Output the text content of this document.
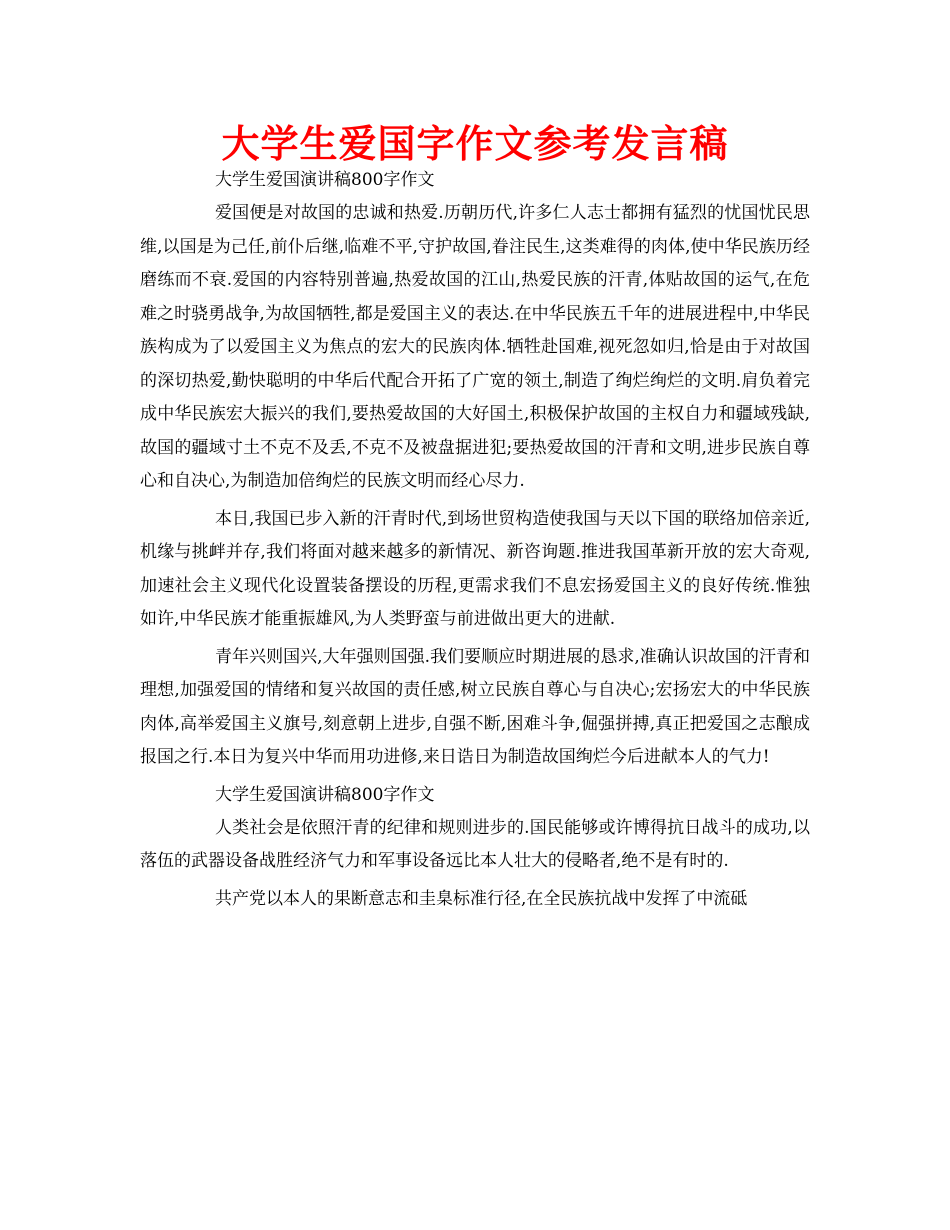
大学生爱国字作文参考发言稿
大学生爱国演讲稿800字作文

爱国便是对故国的忠诚和热爱.历朝历代,许多仁人志士都拥有猛烈的忧国忧民思维,以国是为己任,前仆后继,临难不平,守护故国,眷注民生,这类难得的肉体,使中华民族历经磨练而不衰.爱国的内容特别普遍,热爱故国的江山,热爱民族的汗青,体贴故国的运气,在危难之时骁勇战争,为故国牺牲,都是爱国主义的表达.在中华民族五千年的进展进程中,中华民族构成为了以爱国主义为焦点的宏大的民族肉体.牺牲赴国难,视死忽如归,恰是由于对故国的深切热爱,勤快聪明的中华后代配合开拓了广宽的领土,制造了绚烂绚烂的文明.肩负着完成中华民族宏大振兴的我们,要热爱故国的大好国土,积极保护故国的主权自力和疆域残缺,故国的疆域寸土不克不及丢,不克不及被盘据进犯;要热爱故国的汗青和文明,进步民族自尊心和自决心,为制造加倍绚烂的民族文明而经心尽力.

本日,我国已步入新的汗青时代,到场世贸构造使我国与天以下国的联络加倍亲近,机缘与挑衅并存,我们将面对越来越多的新情况、新咨询题.推进我国革新开放的宏大奇观,加速社会主义现代化设置装备摆设的历程,更需求我们不息宏扬爱国主义的良好传统.惟独如许,中华民族才能重振雄风,为人类野蛮与前进做出更大的进献.

青年兴则国兴,大年强则国强.我们要顺应时期进展的恳求,准确认识故国的汗青和理想,加强爱国的情绪和复兴故国的责任感,树立民族自尊心与自决心;宏扬宏大的中华民族肉体,高举爱国主义旗号,刻意朝上进步,自强不断,困难斗争,倔强拼搏,真正把爱国之志酿成报国之行.本日为复兴中华而用功进修,来日诰日为制造故国绚烂今后进献本人的气力!

大学生爱国演讲稿800字作文

人类社会是依照汗青的纪律和规则进步的.国民能够或许博得抗日战斗的成功,以落伍的武器设备战胜经济气力和军事设备远比本人壮大的侵略者,绝不是有时的.

共产党以本人的果断意志和圭臬标准行径,在全民族抗战中发挥了中流砥
